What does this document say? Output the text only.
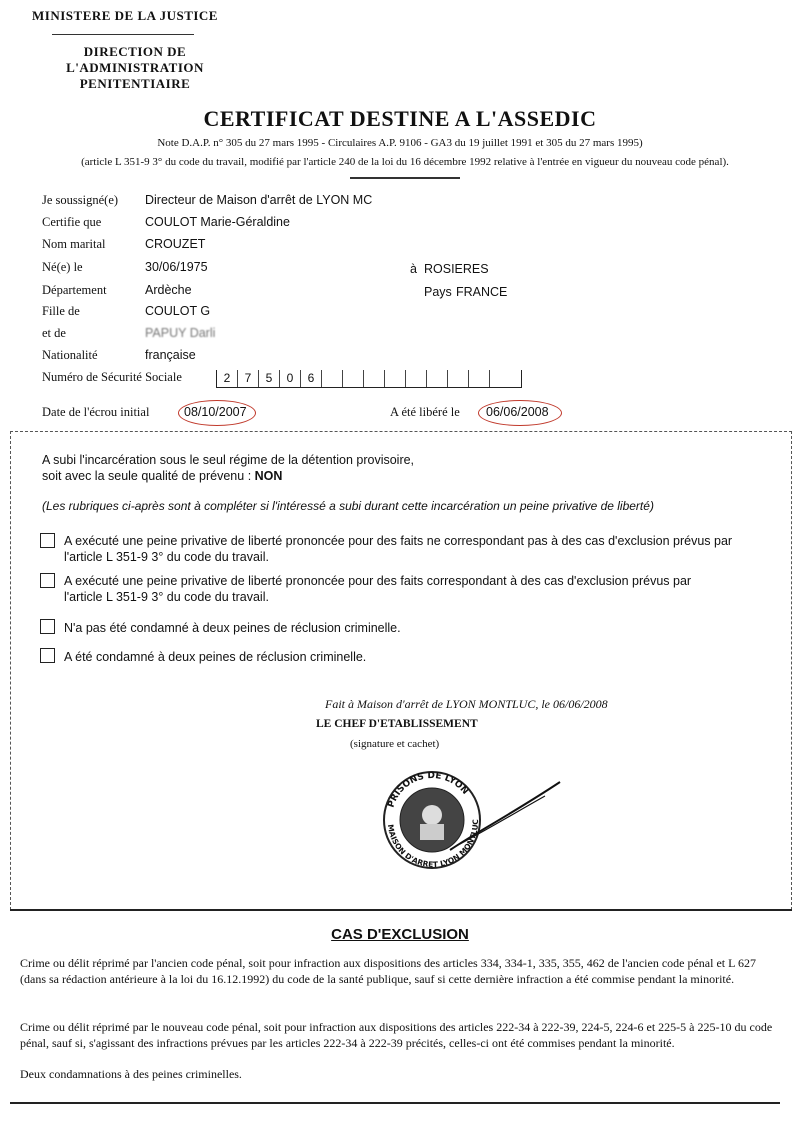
MINISTERE DE LA JUSTICE
DIRECTION DE
L'ADMINISTRATION
PENITENTIAIRE
CERTIFICAT DESTINE A L'ASSEDIC
Note D.A.P. n° 305 du 27 mars 1995 - Circulaires A.P. 9106 - GA3 du 19 juillet 1991 et 305 du 27 mars 1995)
(article L 351-9 3° du code du travail, modifié par l'article 240 de la loi du 16 décembre 1992 relative à l'entrée en vigueur du nouveau code pénal).
Je soussigné(e) Directeur de Maison d'arrêt de LYON MC
Certifie que	COULOT Marie-Géraldine
Nom marital	CROUZET
Né(e) le	30/06/1975	à ROSIERES
Département	Ardèche	Pays FRANCE
Fille de	COULOT G
et de	PAPUY Darli
Nationalité	française
Numéro de Sécurité Sociale	2	7	5	0	6
Date de l'écrou initial	08/10/2007	A été libéré le 06/06/2008
A subi l'incarcération sous le seul régime de la détention provisoire,
soit avec la seule qualité de prévenu : NON
(Les rubriques ci-après sont à compléter si l'intéressé a subi durant cette incarcération un peine privative de liberté)
A exécuté une peine privative de liberté prononcée pour des faits ne correspondant pas à des cas d'exclusion prévus par
l'article L 351-9 3° du code du travail.
A exécuté une peine privative de liberté prononcée pour des faits correspondant à des cas d'exclusion prévus par
l'article L 351-9 3° du code du travail.
N'a pas été condamné à deux peines de réclusion criminelle.
A été condamné à deux peines de réclusion criminelle.
Fait à Maison d'arrêt de LYON MONTLUC, le 06/06/2008
LE CHEF D'ETABLISSEMENT
(signature et cachet)
PRISONS DE LYON
MAISON D'ARRET LYON MONTLUC
CAS D'EXCLUSION
Crime ou délit réprimé par l'ancien code pénal, soit pour infraction aux dispositions des articles 334, 334-1, 335, 355, 462 de l'ancien code pénal et L 627 (dans sa rédaction antérieure à la loi du 16.12.1992) du code de la santé publique, sauf si cette dernière infraction a été commise pendant la minorité.
Crime ou délit réprimé par le nouveau code pénal, soit pour infraction aux dispositions des articles 222-34 à 222-39, 224-5, 224-6 et 225-5 à 225-10 du code pénal, sauf si, s'agissant des infractions prévues par les articles 222-34 à 222-39 précités, celles-ci ont été commises pendant la minorité.
Deux condamnations à des peines criminelles.
